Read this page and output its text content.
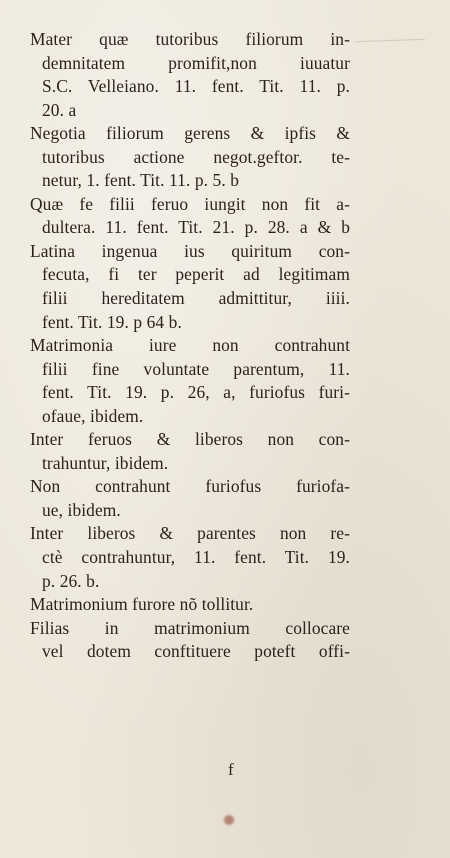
Mater quæ tutoribus filiorum in-
demnitatem promifit,non iuuatur
S.C. Velleiano. 11. fent. Tit. 11. p.
20. a
Negotia filiorum gerens & ipfis &
tutoribus actione negot.geftor. te-
netur, 1. fent. Tit. 11. p. 5. b
Quæ fe filii feruo iungit non fit a-
dultera. 11. fent. Tit. 21. p. 28. a & b
Latina ingenua ius quiritum con-
fecuta, fi ter peperit ad legitimam
filii hereditatem admittitur, iiii.
fent. Tit. 19. p 64 b.
Matrimonia iure non contrahunt
filii fine voluntate parentum, 11.
fent. Tit. 19. p. 26, a, furiofus furi-
ofaue, ibidem.
Inter feruos & liberos non con-
trahuntur, ibidem.
Non contrahunt furiofus furiofa-
ue, ibidem.
Inter liberos & parentes non re-
ctè contrahuntur, 11. fent. Tit. 19.
p. 26. b.
Matrimonium furore nõ tollitur.
Filias in matrimonium collocare
vel dotem conftituere poteft offi-
f
